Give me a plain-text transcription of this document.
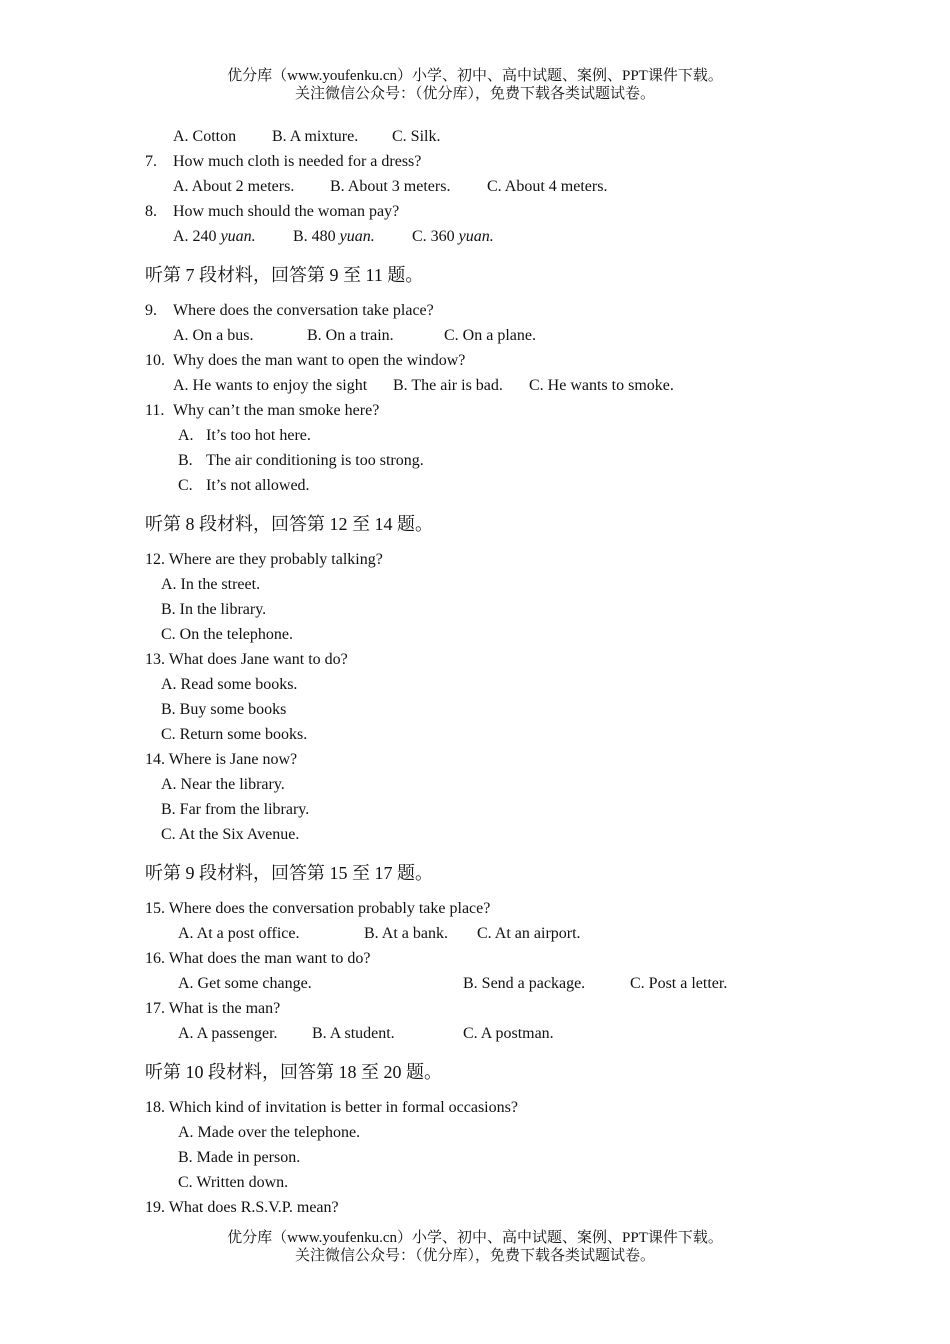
优分库（www.youfenku.cn）小学、初中、高中试题、案例、PPT课件下载。
关注微信公众号：（优分库），免费下载各类试题试卷。
A. Cotton B. A mixture. C. Silk.
7. How much cloth is needed for a dress?
A. About 2 meters. B. About 3 meters. C. About 4 meters.
8. How much should the woman pay?
A. 240 yuan. B. 480 yuan. C. 360 yuan.
听第 7 段材料，回答第 9 至 11 题。
9. Where does the conversation take place?
A. On a bus.	B. On a train.	C. On a plane.
10. Why does the man want to open the window?
A. He wants to enjoy the sight B. The air is bad. C. He wants to smoke.
11. Why can’t the man smoke here?
A. It’s too hot here.
B. The air conditioning is too strong.
C. It’s not allowed.
听第 8 段材料，回答第 12 至 14 题。
12. Where are they probably talking?
A. In the street.
B. In the library.
C. On the telephone.
13. What does Jane want to do?
A. Read some books.
B. Buy some books
C. Return some books.
14. Where is Jane now?
A. Near the library.
B. Far from the library.
C. At the Six Avenue.
听第 9 段材料，回答第 15 至 17 题。
15. Where does the conversation probably take place?
A. At a post office.	B. At a bank. C. At an airport.
16. What does the man want to do?
A. Get some change.	B. Send a package.	C. Post a letter.
17. What is the man?
A. A passenger. B. A student.	C. A postman.
听第 10 段材料，回答第 18 至 20 题。
18. Which kind of invitation is better in formal occasions?
A. Made over the telephone.
B. Made in person.
C. Written down.
19. What does R.S.V.P. mean?
优分库（www.youfenku.cn）小学、初中、高中试题、案例、PPT课件下载。
关注微信公众号：（优分库），免费下载各类试题试卷。
